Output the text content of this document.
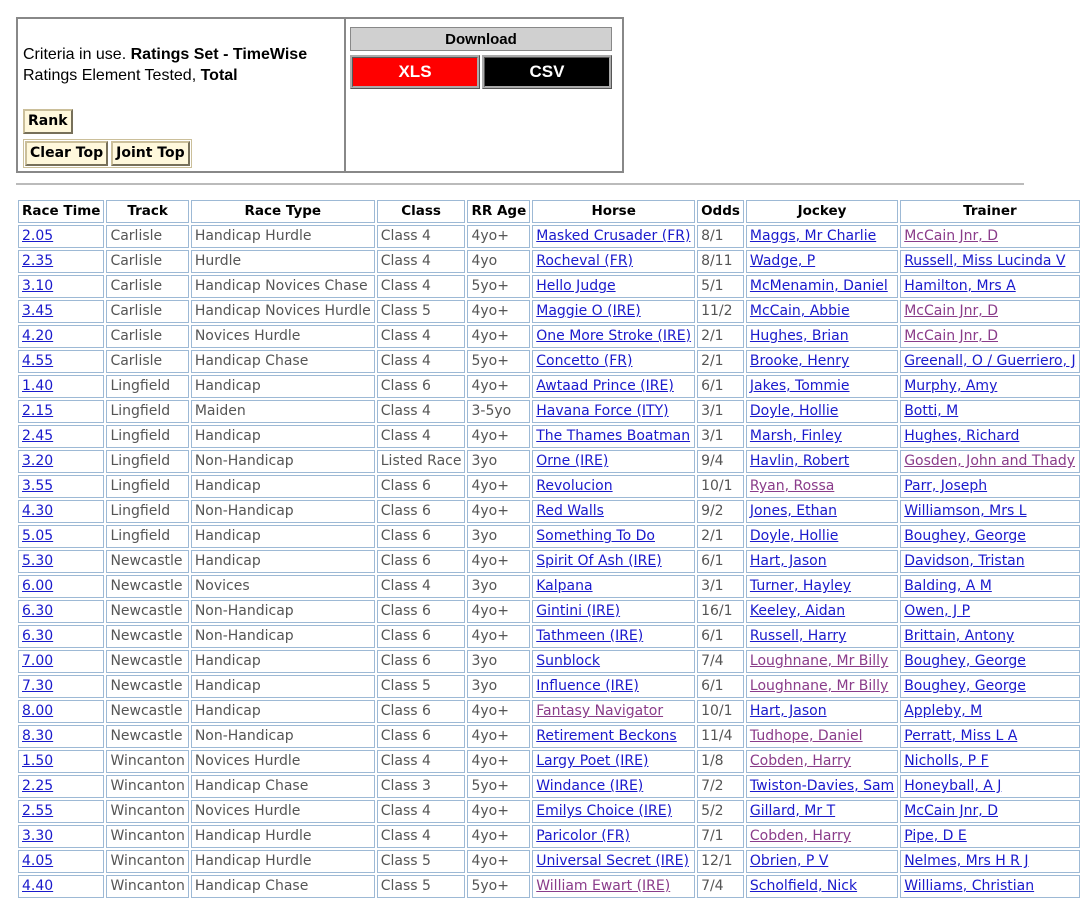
Criteria in use. Ratings Set - TimeWise
Ratings Element Tested, Total
Rank
Clear Top Joint Top
Download
XLS	CSV
Race Time	Track	Race Type	Class	RR Age	Horse	Odds	Jockey	Trainer
2.05	Carlisle	Handicap Hurdle	Class 4	4yo+	Masked Crusader (FR)	8/1	Maggs, Mr Charlie	McCain Jnr, D
2.35	Carlisle	Hurdle	Class 4	4yo	Rocheval (FR)	8/11	Wadge, P	Russell, Miss Lucinda V
3.10	Carlisle	Handicap Novices Chase	Class 4	5yo+	Hello Judge	5/1	McMenamin, Daniel	Hamilton, Mrs A
3.45	Carlisle	Handicap Novices Hurdle	Class 5	4yo+	Maggie O (IRE)	11/2	McCain, Abbie	McCain Jnr, D
4.20	Carlisle	Novices Hurdle	Class 4	4yo+	One More Stroke (IRE)	2/1	Hughes, Brian	McCain Jnr, D
4.55	Carlisle	Handicap Chase	Class 4	5yo+	Concetto (FR)	2/1	Brooke, Henry	Greenall, O / Guerriero, J
1.40	Lingfield	Handicap	Class 6	4yo+	Awtaad Prince (IRE)	6/1	Jakes, Tommie	Murphy, Amy
2.15	Lingfield	Maiden	Class 4	3-5yo	Havana Force (ITY)	3/1	Doyle, Hollie	Botti, M
2.45	Lingfield	Handicap	Class 4	4yo+	The Thames Boatman	3/1	Marsh, Finley	Hughes, Richard
3.20	Lingfield	Non-Handicap	Listed Race	3yo	Orne (IRE)	9/4	Havlin, Robert	Gosden, John and Thady
3.55	Lingfield	Handicap	Class 6	4yo+	Revolucion	10/1	Ryan, Rossa	Parr, Joseph
4.30	Lingfield	Non-Handicap	Class 6	4yo+	Red Walls	9/2	Jones, Ethan	Williamson, Mrs L
5.05	Lingfield	Handicap	Class 6	3yo	Something To Do	2/1	Doyle, Hollie	Boughey, George
5.30	Newcastle	Handicap	Class 6	4yo+	Spirit Of Ash (IRE)	6/1	Hart, Jason	Davidson, Tristan
6.00	Newcastle	Novices	Class 4	3yo	Kalpana	3/1	Turner, Hayley	Balding, A M
6.30	Newcastle	Non-Handicap	Class 6	4yo+	Gintini (IRE)	16/1	Keeley, Aidan	Owen, J P
6.30	Newcastle	Non-Handicap	Class 6	4yo+	Tathmeen (IRE)	6/1	Russell, Harry	Brittain, Antony
7.00	Newcastle	Handicap	Class 6	3yo	Sunblock	7/4	Loughnane, Mr Billy	Boughey, George
7.30	Newcastle	Handicap	Class 5	3yo	Influence (IRE)	6/1	Loughnane, Mr Billy	Boughey, George
8.00	Newcastle	Handicap	Class 6	4yo+	Fantasy Navigator	10/1	Hart, Jason	Appleby, M
8.30	Newcastle	Non-Handicap	Class 6	4yo+	Retirement Beckons	11/4	Tudhope, Daniel	Perratt, Miss L A
1.50	Wincanton	Novices Hurdle	Class 4	4yo+	Largy Poet (IRE)	1/8	Cobden, Harry	Nicholls, P F
2.25	Wincanton	Handicap Chase	Class 3	5yo+	Windance (IRE)	7/2	Twiston-Davies, Sam	Honeyball, A J
2.55	Wincanton	Novices Hurdle	Class 4	4yo+	Emilys Choice (IRE)	5/2	Gillard, Mr T	McCain Jnr, D
3.30	Wincanton	Handicap Hurdle	Class 4	4yo+	Paricolor (FR)	7/1	Cobden, Harry	Pipe, D E
4.05	Wincanton	Handicap Hurdle	Class 5	4yo+	Universal Secret (IRE)	12/1	Obrien, P V	Nelmes, Mrs H R J
4.40	Wincanton	Handicap Chase	Class 5	5yo+	William Ewart (IRE)	7/4	Scholfield, Nick	Williams, Christian
